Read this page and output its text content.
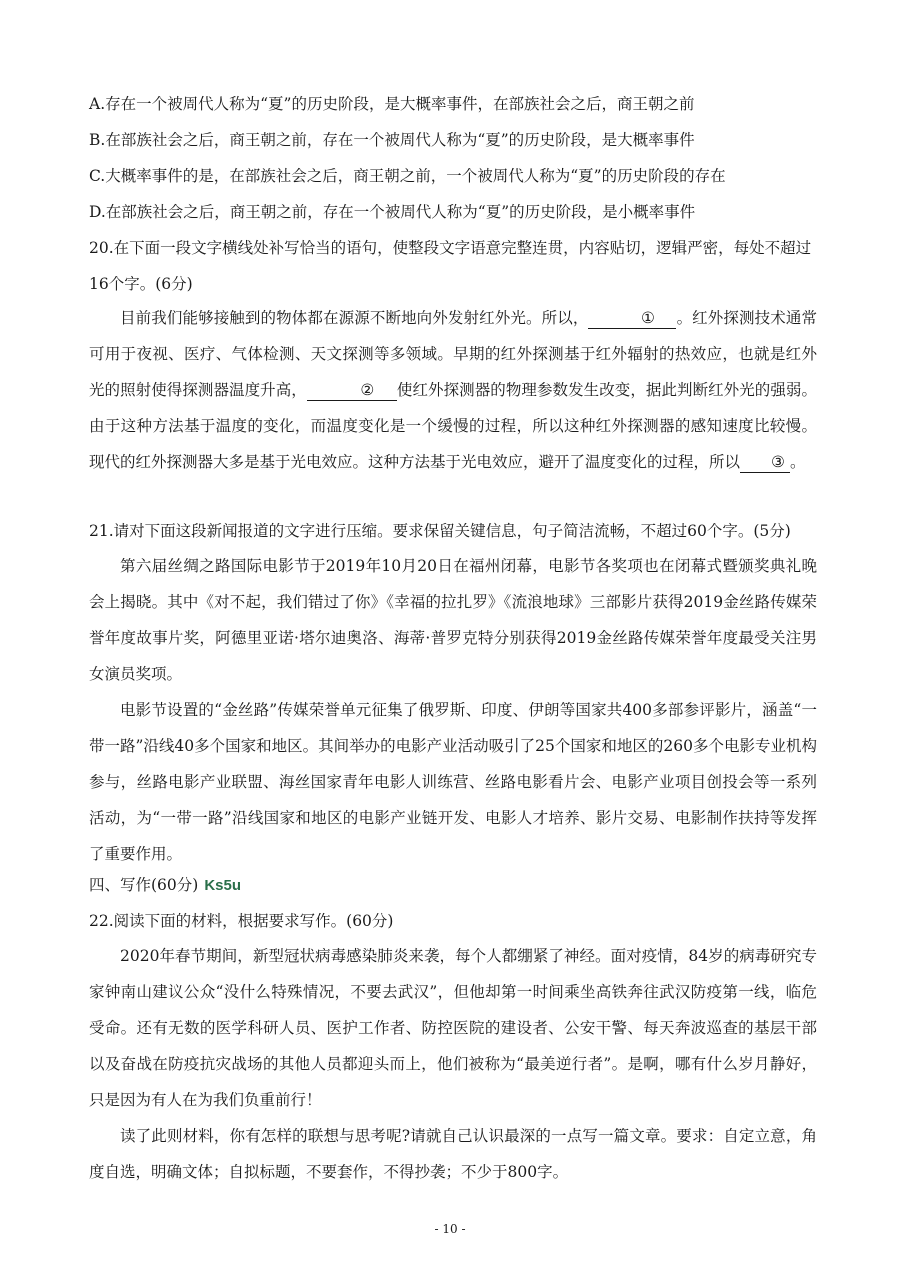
A.存在一个被周代人称为“夏”的历史阶段，是大概率事件，在部族社会之后，商王朝之前
B.在部族社会之后，商王朝之前，存在一个被周代人称为“夏”的历史阶段，是大概率事件
C.大概率事件的是，在部族社会之后，商王朝之前，一个被周代人称为“夏”的历史阶段的存在
D.在部族社会之后，商王朝之前，存在一个被周代人称为“夏”的历史阶段，是小概率事件
20.在下面一段文字横线处补写恰当的语句，使整段文字语意完整连贯，内容贴切，逻辑严密，每处不超过
16个字。(6分)

目前我们能够接触到的物体都在源源不断地向外发射红外光。所以，	① 。红外探测技术通常可用于夜视、医疗、气体检测、天文探测等多领域。早期的红外探测基于红外辐射的热效应，也就是红外光的照射使得探测器温度升高，	② 使红外探测器的物理参数发生改变，据此判断红外光的强弱。由于这种方法基于温度的变化，而温度变化是一个缓慢的过程，所以这种红外探测器的感知速度比较慢。现代的红外探测器大多是基于光电效应。这种方法基于光电效应，避开了温度变化的过程，所以 ③ 。

21.请对下面这段新闻报道的文字进行压缩。要求保留关键信息，句子简洁流畅，不超过60个字。(5分)

第六届丝绸之路国际电影节于2019年10月20日在福州闭幕，电影节各奖项也在闭幕式暨颁奖典礼晚会上揭晓。其中《对不起，我们错过了你》《幸福的拉扎罗》《流浪地球》三部影片获得2019金丝路传媒荣誉年度故事片奖，阿德里亚诺·塔尔迪奥洛、海蒂·普罗克特分别获得2019金丝路传媒荣誉年度最受关注男女演员奖项。

电影节设置的“金丝路”传媒荣誉单元征集了俄罗斯、印度、伊朗等国家共400多部参评影片，涵盖“一带一路”沿线40多个国家和地区。其间举办的电影产业活动吸引了25个国家和地区的260多个电影专业机构参与，丝路电影产业联盟、海丝国家青年电影人训练营、丝路电影看片会、电影产业项目创投会等一系列活动，为“一带一路”沿线国家和地区的电影产业链开发、电影人才培养、影片交易、电影制作扶持等发挥了重要作用。

四、写作(60分) Ks5u
22.阅读下面的材料，根据要求写作。(60分)

2020年春节期间，新型冠状病毒感染肺炎来袭，每个人都绷紧了神经。面对疫情，84岁的病毒研究专家钟南山建议公众“没什么特殊情况，不要去武汉”，但他却第一时间乘坐高铁奔往武汉防疫第一线，临危受命。还有无数的医学科研人员、医护工作者、防控医院的建设者、公安干警、每天奔波巡查的基层干部以及奋战在防疫抗灾战场的其他人员都迎头而上，他们被称为“最美逆行者”。是啊，哪有什么岁月静好，只是因为有人在为我们负重前行！

读了此则材料，你有怎样的联想与思考呢?请就自己认识最深的一点写一篇文章。要求：自定立意，角度自选，明确文体；自拟标题，不要套作，不得抄袭；不少于800字。

- 10 -
